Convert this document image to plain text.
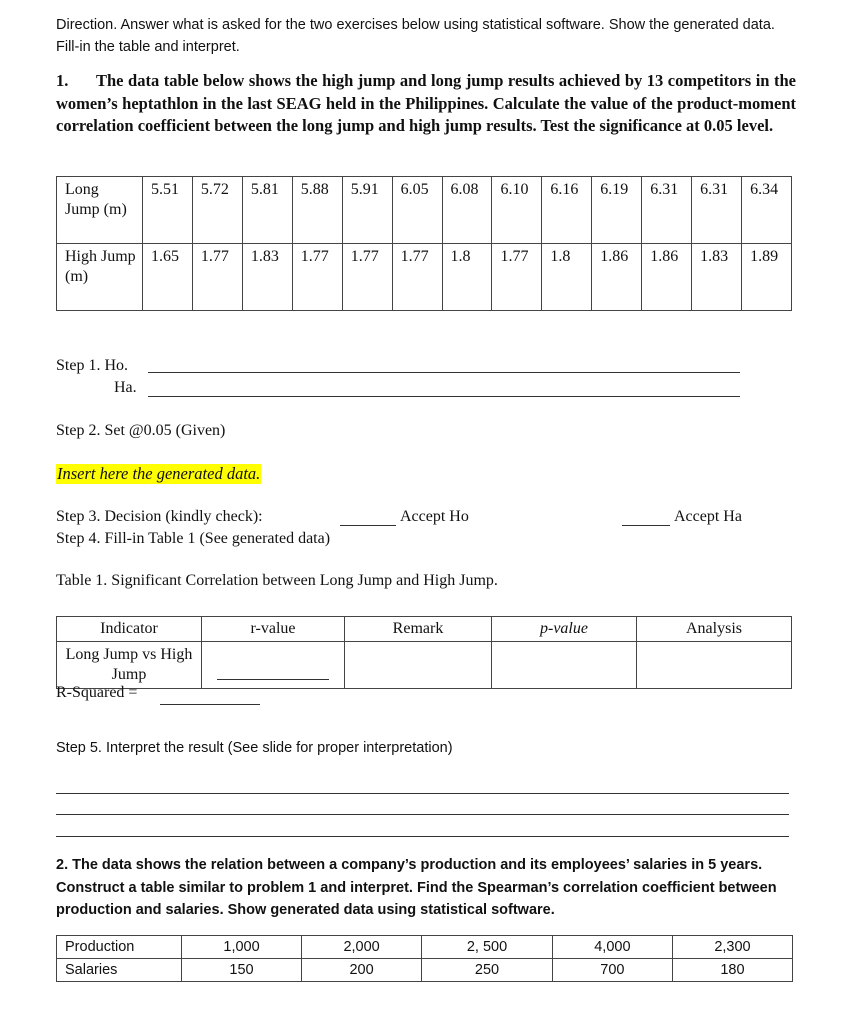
Direction. Answer what is asked for the two exercises below using statistical software. Show the generated data. Fill-in the table and interpret.
1. The data table below shows the high jump and long jump results achieved by 13 competitors in the women’s heptathlon in the last SEAG held in the Philippines. Calculate the value of the product-moment correlation coefficient between the long jump and high jump results. Test the significance at 0.05 level.
Long Jump (m)	5.51	5.72	5.81	5.88	5.91	6.05	6.08	6.10	6.16	6.19	6.31	6.31	6.34
High Jump (m)	1.65	1.77	1.83	1.77	1.77	1.77	1.8	1.77	1.8	1.86	1.86	1.83	1.89
Step 1. Ho.
Ha.
Step 2. Set @0.05 (Given)
Insert here the generated data.
Step 3. Decision (kindly check):	Accept Ho	Accept Ha
Step 4. Fill-in Table 1 (See generated data)
Table 1. Significant Correlation between Long Jump and High Jump.
Indicator	r-value	Remark	p-value	Analysis
Long Jump vs High Jump				
R-Squared =
Step 5. Interpret the result (See slide for proper interpretation)
2. The data shows the relation between a company’s production and its employees’ salaries in 5 years. Construct a table similar to problem 1 and interpret. Find the Spearman’s correlation coefficient between production and salaries. Show generated data using statistical software.
Production	1,000	2,000	2, 500	4,000	2,300
Salaries	150	200	250	700	180
